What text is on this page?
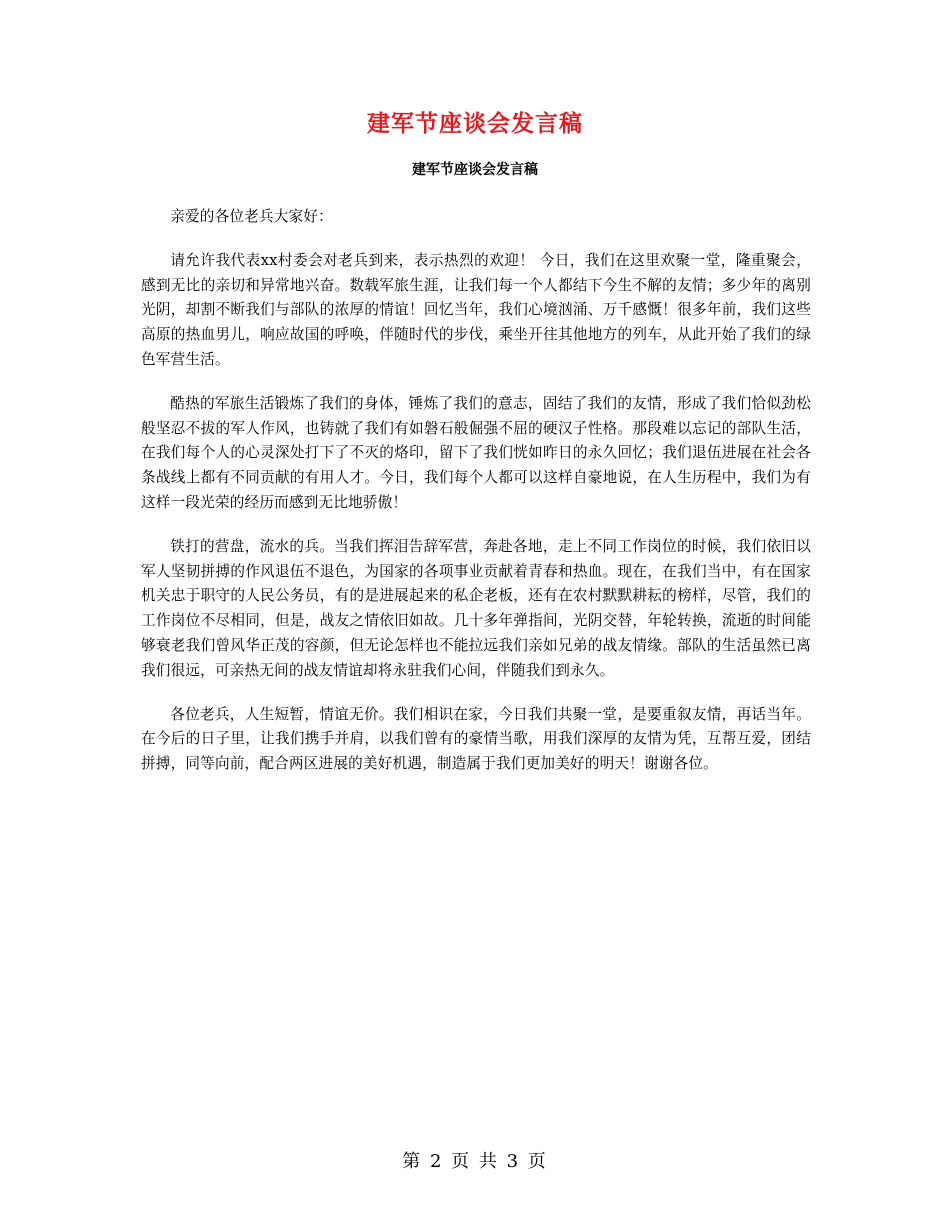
建军节座谈会发言稿
建军节座谈会发言稿

亲爱的各位老兵大家好：

请允许我代表xx村委会对老兵到来，表示热烈的欢迎！ 今日，我们在这里欢聚一堂，隆重聚会，感到无比的亲切和异常地兴奋。数载军旅生涯，让我们每一个人都结下今生不解的友情；多少年的离别光阴，却割不断我们与部队的浓厚的情谊！回忆当年，我们心境汹涌、万千感慨！很多年前，我们这些高原的热血男儿，响应故国的呼唤，伴随时代的步伐，乘坐开往其他地方的列车，从此开始了我们的绿色军营生活。

酷热的军旅生活锻炼了我们的身体，锤炼了我们的意志，固结了我们的友情，形成了我们恰似劲松般坚忍不拔的军人作风，也铸就了我们有如磐石般倔强不屈的硬汉子性格。那段难以忘记的部队生活，在我们每个人的心灵深处打下了不灭的烙印，留下了我们恍如昨日的永久回忆；我们退伍进展在社会各条战线上都有不同贡献的有用人才。今日，我们每个人都可以这样自豪地说，在人生历程中，我们为有这样一段光荣的经历而感到无比地骄傲！

铁打的营盘，流水的兵。当我们挥泪告辞军营，奔赴各地，走上不同工作岗位的时候，我们依旧以军人坚韧拼搏的作风退伍不退色，为国家的各项事业贡献着青春和热血。现在，在我们当中，有在国家机关忠于职守的人民公务员，有的是进展起来的私企老板，还有在农村默默耕耘的榜样，尽管，我们的工作岗位不尽相同，但是，战友之情依旧如故。几十多年弹指间，光阴交替，年轮转换，流逝的时间能够衰老我们曾风华正茂的容颜，但无论怎样也不能拉远我们亲如兄弟的战友情缘。部队的生活虽然已离我们很远，可亲热无间的战友情谊却将永驻我们心间，伴随我们到永久。

各位老兵，人生短暂，情谊无价。我们相识在家，今日我们共聚一堂，是要重叙友情，再话当年。在今后的日子里，让我们携手并肩，以我们曾有的豪情当歌，用我们深厚的友情为凭，互帮互爱，团结拼搏，同等向前，配合两区进展的美好机遇，制造属于我们更加美好的明天！谢谢各位。

第 2 页 共 3 页
